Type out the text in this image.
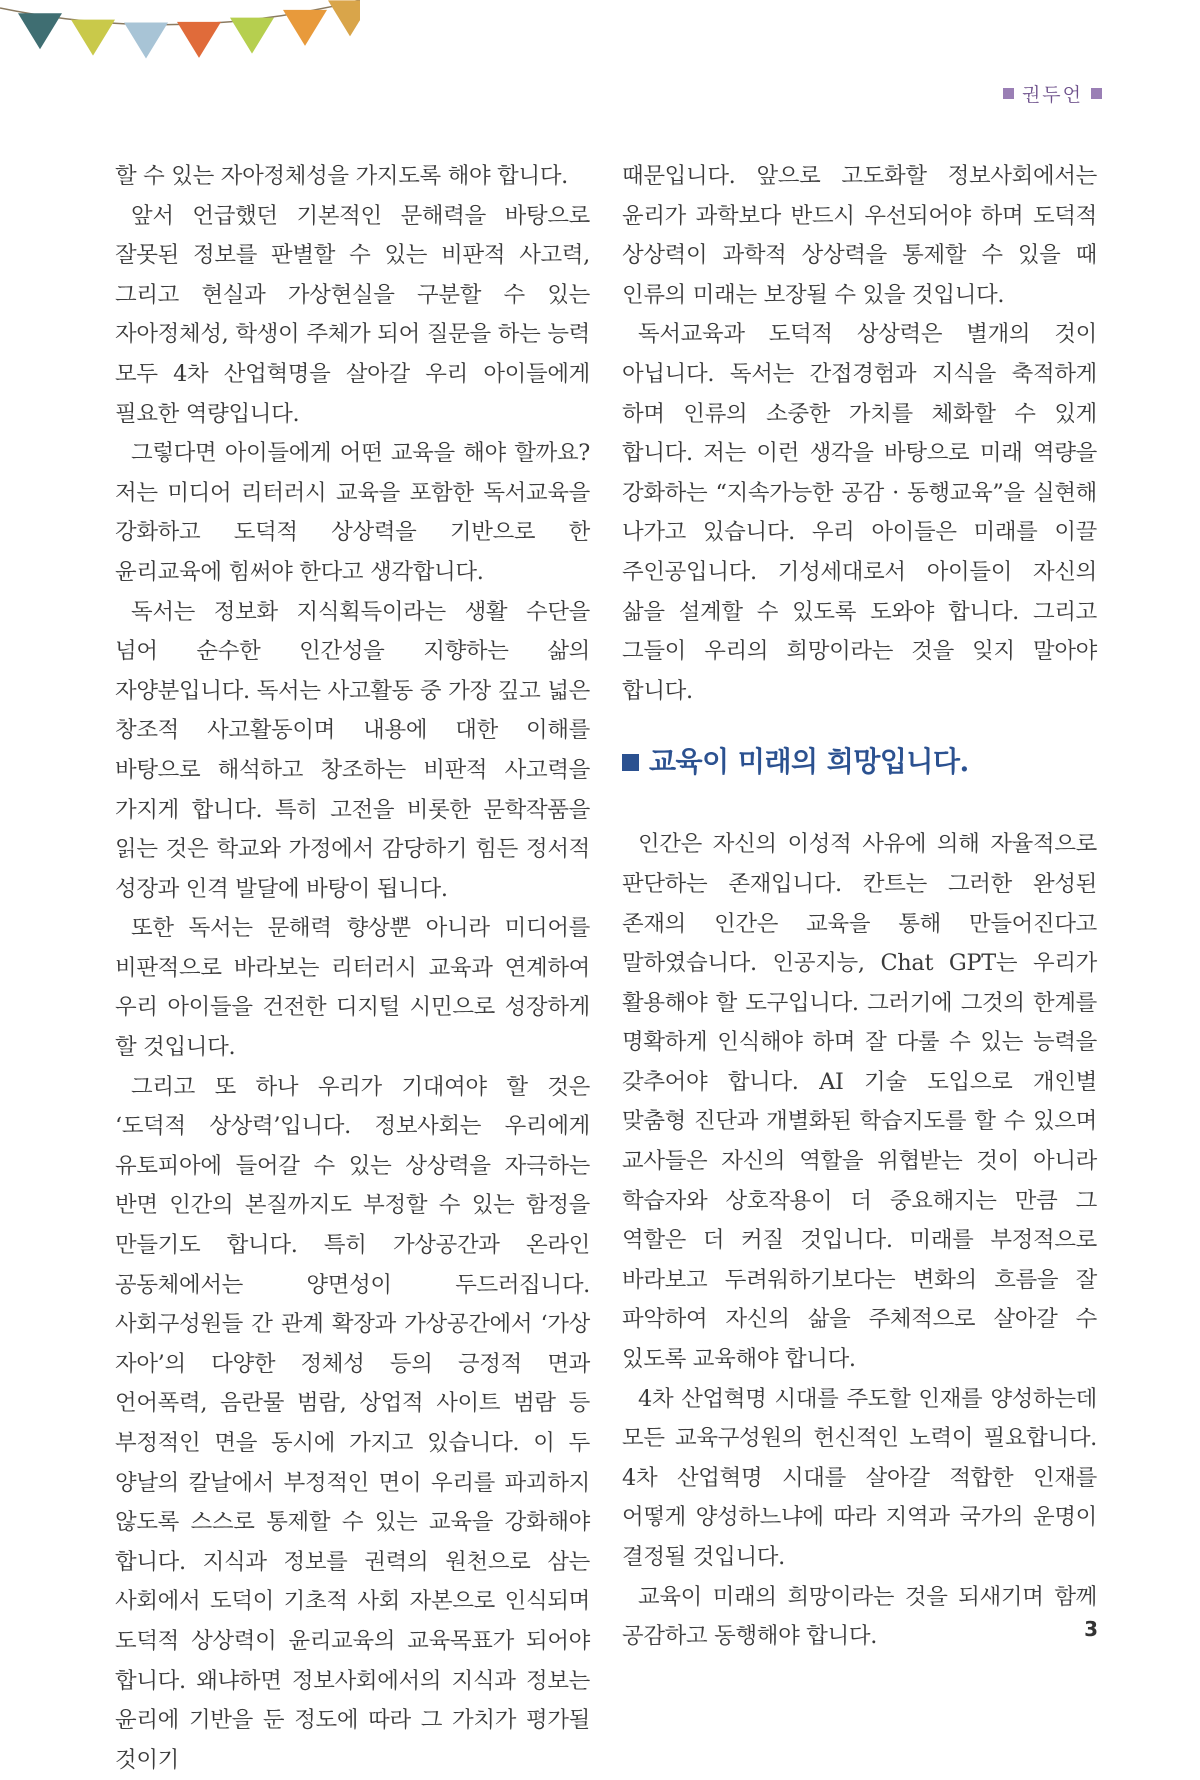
권두언

할 수 있는 자아정체성을 가지도록 해야 합니다.

앞서 언급했던 기본적인 문해력을 바탕으로 잘못된 정보를 판별할 수 있는 비판적 사고력, 그리고 현실과 가상현실을 구분할 수 있는 자아정체성, 학생이 주체가 되어 질문을 하는 능력 모두 4차 산업혁명을 살아갈 우리 아이들에게 필요한 역량입니다.

그렇다면 아이들에게 어떤 교육을 해야 할까요? 저는 미디어 리터러시 교육을 포함한 독서교육을 강화하고 도덕적 상상력을 기반으로 한 윤리교육에 힘써야 한다고 생각합니다.

독서는 정보화 지식획득이라는 생활 수단을 넘어 순수한 인간성을 지향하는 삶의 자양분입니다. 독서는 사고활동 중 가장 깊고 넓은 창조적 사고활동이며 내용에 대한 이해를 바탕으로 해석하고 창조하는 비판적 사고력을 가지게 합니다. 특히 고전을 비롯한 문학작품을 읽는 것은 학교와 가정에서 감당하기 힘든 정서적 성장과 인격 발달에 바탕이 됩니다.

또한 독서는 문해력 향상뿐 아니라 미디어를 비판적으로 바라보는 리터러시 교육과 연계하여 우리 아이들을 건전한 디지털 시민으로 성장하게 할 것입니다.

그리고 또 하나 우리가 기대여야 할 것은 ‘도덕적 상상력’입니다. 정보사회는 우리에게 유토피아에 들어갈 수 있는 상상력을 자극하는 반면 인간의 본질까지도 부정할 수 있는 함정을 만들기도 합니다. 특히 가상공간과 온라인 공동체에서는 양면성이 두드러집니다. 사회구성원들 간 관계 확장과 가상공간에서 ‘가상 자아’의 다양한 정체성 등의 긍정적 면과 언어폭력, 음란물 범람, 상업적 사이트 범람 등 부정적인 면을 동시에 가지고 있습니다. 이 두 양날의 칼날에서 부정적인 면이 우리를 파괴하지 않도록 스스로 통제할 수 있는 교육을 강화해야 합니다. 지식과 정보를 권력의 원천으로 삼는 사회에서 도덕이 기초적 사회 자본으로 인식되며 도덕적 상상력이 윤리교육의 교육목표가 되어야 합니다. 왜냐하면 정보사회에서의 지식과 정보는 윤리에 기반을 둔 정도에 따라 그 가치가 평가될 것이기

때문입니다. 앞으로 고도화할 정보사회에서는 윤리가 과학보다 반드시 우선되어야 하며 도덕적 상상력이 과학적 상상력을 통제할 수 있을 때 인류의 미래는 보장될 수 있을 것입니다.

독서교육과 도덕적 상상력은 별개의 것이 아닙니다. 독서는 간접경험과 지식을 축적하게 하며 인류의 소중한 가치를 체화할 수 있게 합니다. 저는 이런 생각을 바탕으로 미래 역량을 강화하는 “지속가능한 공감 · 동행교육”을 실현해 나가고 있습니다. 우리 아이들은 미래를 이끌 주인공입니다. 기성세대로서 아이들이 자신의 삶을 설계할 수 있도록 도와야 합니다. 그리고 그들이 우리의 희망이라는 것을 잊지 말아야 합니다.

교육이 미래의 희망입니다.

인간은 자신의 이성적 사유에 의해 자율적으로 판단하는 존재입니다. 칸트는 그러한 완성된 존재의 인간은 교육을 통해 만들어진다고 말하였습니다. 인공지능, Chat GPT는 우리가 활용해야 할 도구입니다. 그러기에 그것의 한계를 명확하게 인식해야 하며 잘 다룰 수 있는 능력을 갖추어야 합니다. AI 기술 도입으로 개인별 맞춤형 진단과 개별화된 학습지도를 할 수 있으며 교사들은 자신의 역할을 위협받는 것이 아니라 학습자와 상호작용이 더 중요해지는 만큼 그 역할은 더 커질 것입니다. 미래를 부정적으로 바라보고 두려워하기보다는 변화의 흐름을 잘 파악하여 자신의 삶을 주체적으로 살아갈 수 있도록 교육해야 합니다.

4차 산업혁명 시대를 주도할 인재를 양성하는데 모든 교육구성원의 헌신적인 노력이 필요합니다. 4차 산업혁명 시대를 살아갈 적합한 인재를 어떻게 양성하느냐에 따라 지역과 국가의 운명이 결정될 것입니다.

교육이 미래의 희망이라는 것을 되새기며 함께 공감하고 동행해야 합니다.	3
